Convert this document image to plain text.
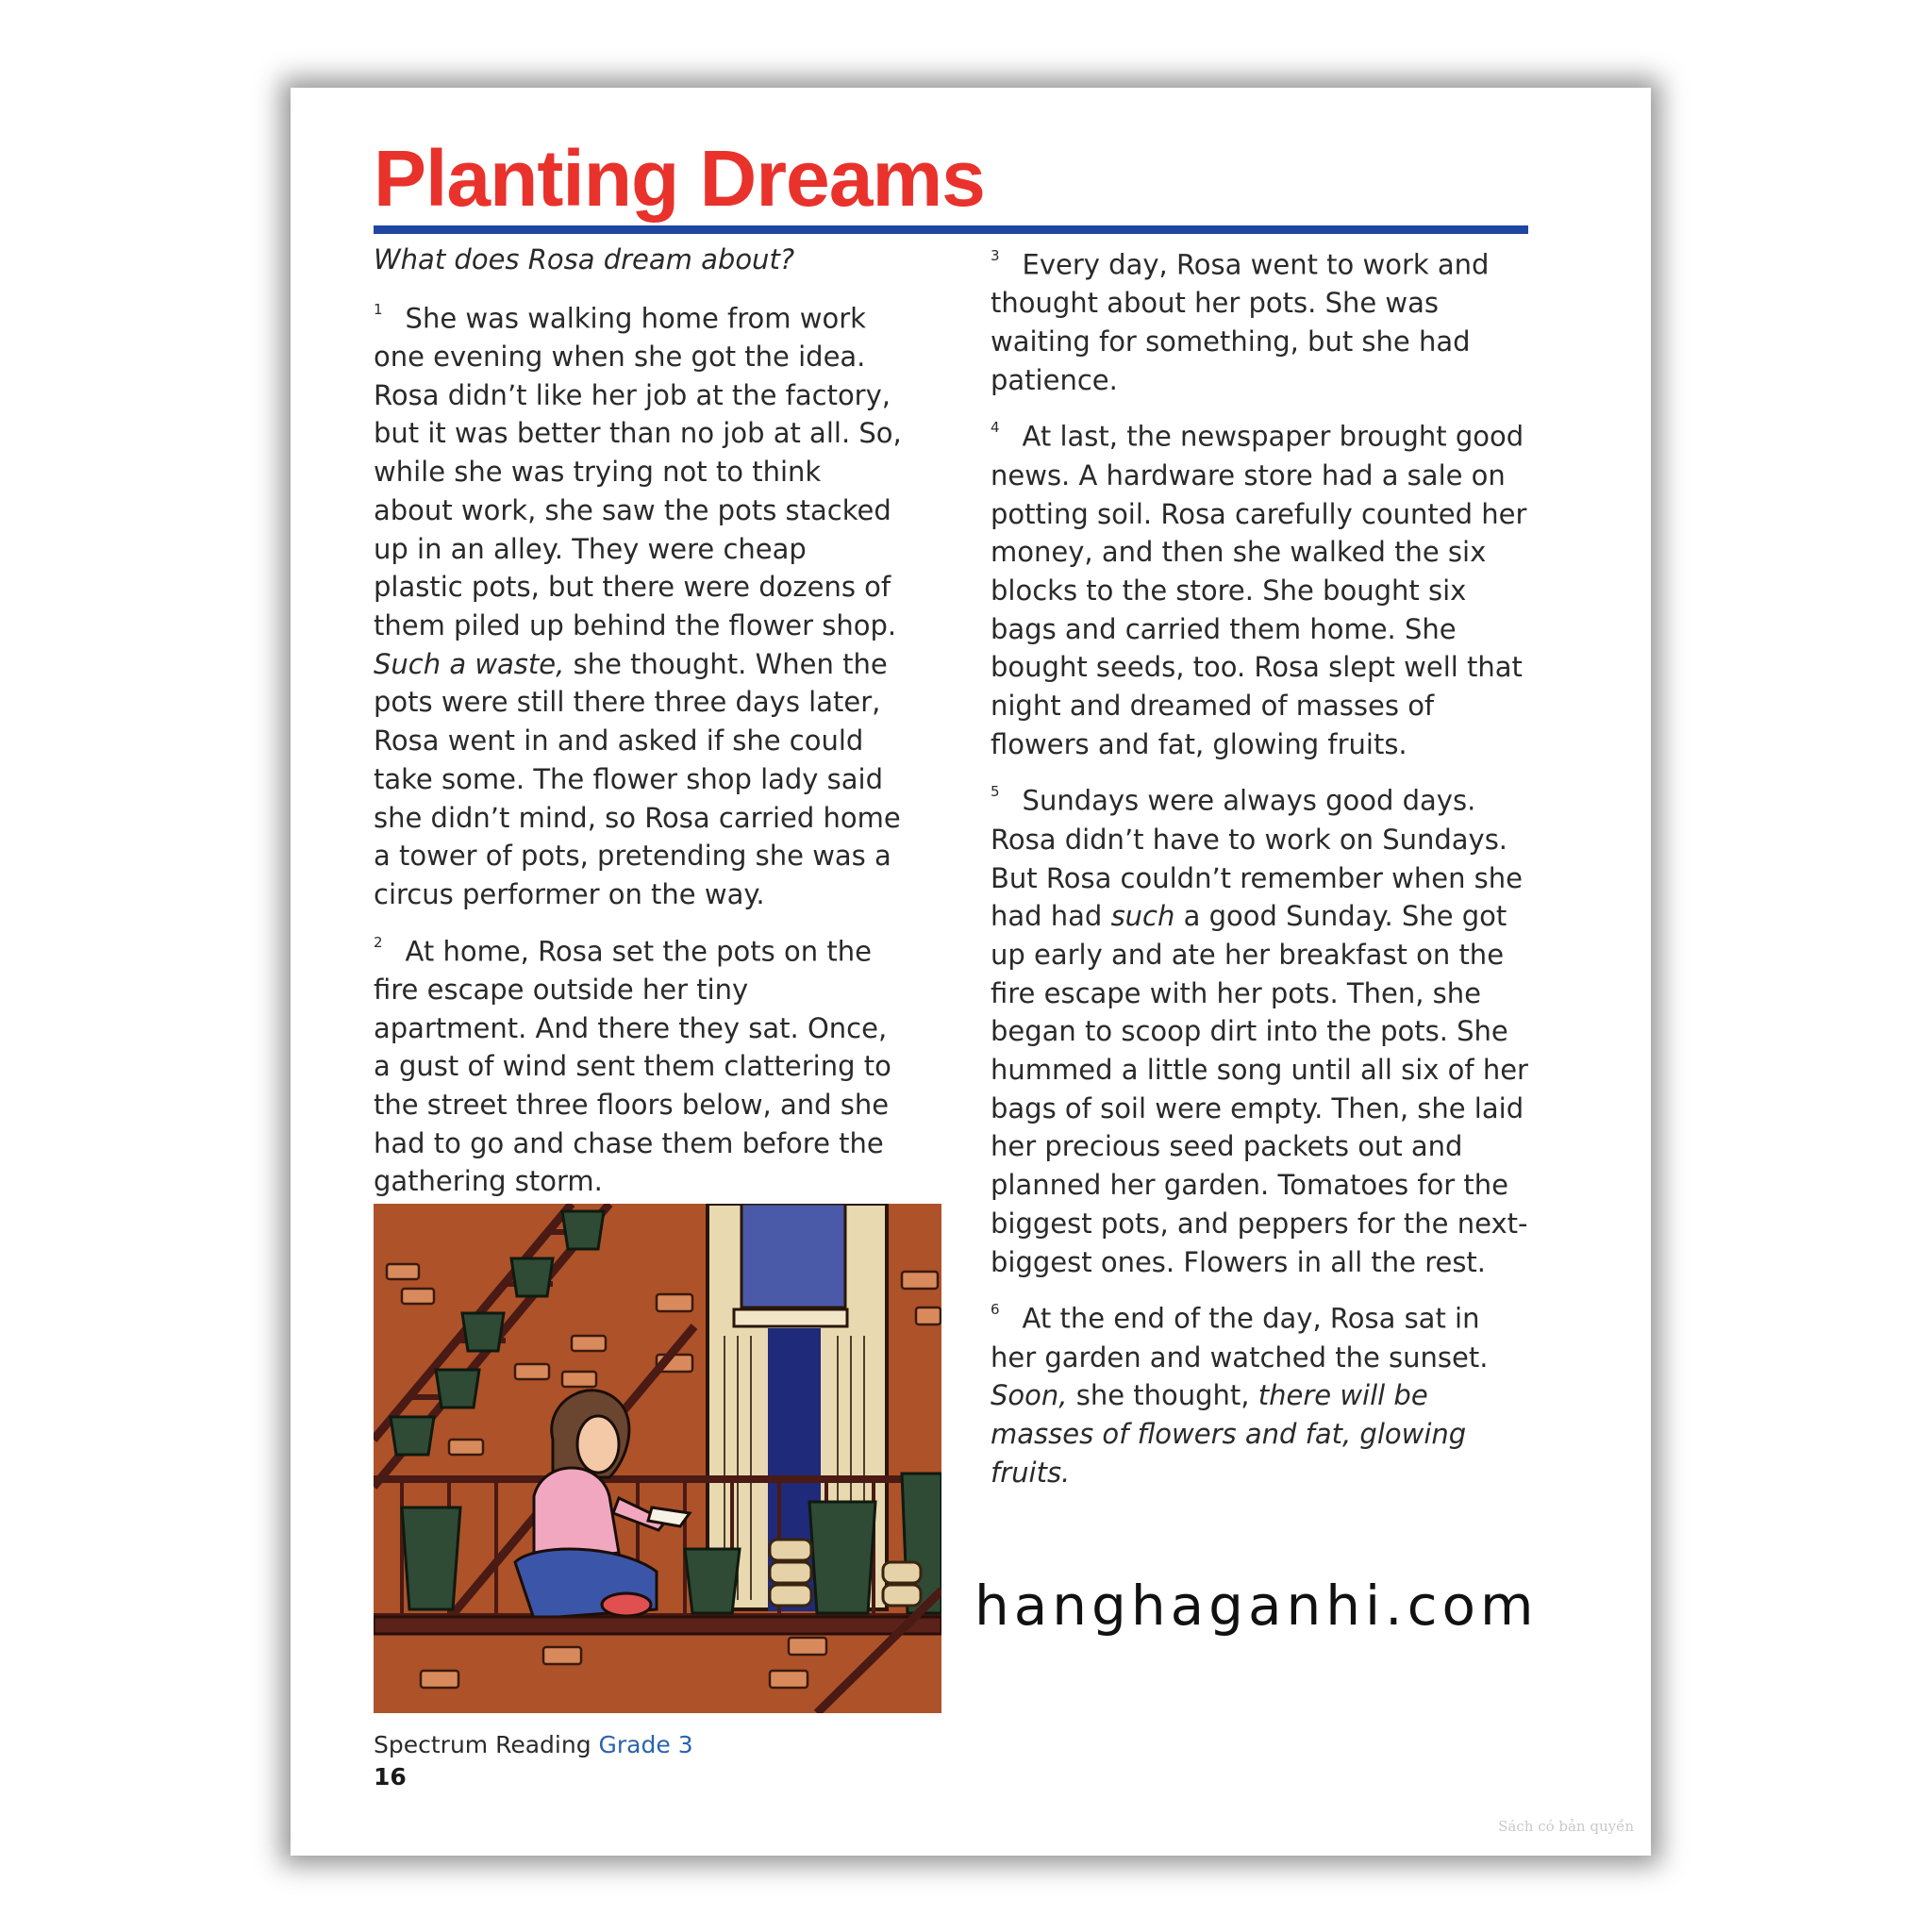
Planting Dreams

What does Rosa dream about?

$^1$ She was walking home from work one evening when she got the idea. Rosa didn’t like her job at the factory, but it was better than no job at all. So, while she was trying not to think about work, she saw the pots stacked up in an alley. They were cheap plastic pots, but there were dozens of them piled up behind the flower shop. Such a waste, she thought. When the pots were still there three days later, Rosa went in and asked if she could take some. The flower shop lady said she didn’t mind, so Rosa carried home a tower of pots, pretending she was a circus performer on the way.

$^2$ At home, Rosa set the pots on the fire escape outside her tiny apartment. And there they sat. Once, a gust of wind sent them clattering to the street three floors below, and she had to go and chase them before the gathering storm.

$^3$ Every day, Rosa went to work and thought about her pots. She was waiting for something, but she had patience.

$^4$ At last, the newspaper brought good news. A hardware store had a sale on potting soil. Rosa carefully counted her money, and then she walked the six blocks to the store. She bought six bags and carried them home. She bought seeds, too. Rosa slept well that night and dreamed of masses of flowers and fat, glowing fruits.

$^5$ Sundays were always good days. Rosa didn’t have to work on Sundays. But Rosa couldn’t remember when she had had such a good Sunday. She got up early and ate her breakfast on the fire escape with her pots. Then, she began to scoop dirt into the pots. She hummed a little song until all six of her bags of soil were empty. Then, she laid her precious seed packets out and planned her garden. Tomatoes for the biggest pots, and peppers for the next-biggest ones. Flowers in all the rest.

$^6$ At the end of the day, Rosa sat in her garden and watched the sunset. Soon, she thought, there will be masses of flowers and fat, glowing fruits.

Spectrum Reading Grade 3
16
hanghaganhi.com
Sách có bản quyền
